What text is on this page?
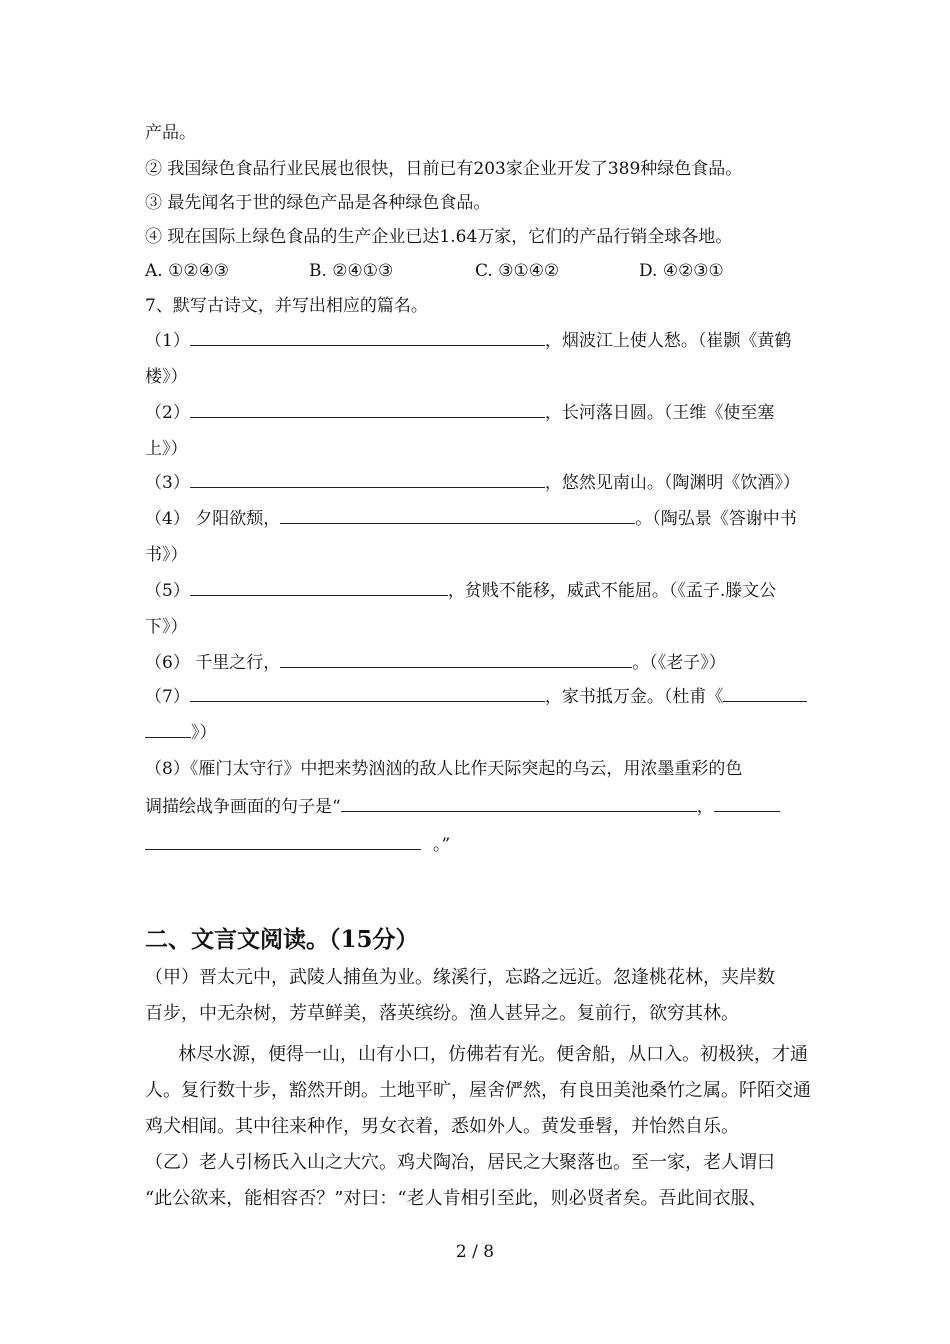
产品。
② 我国绿色食品行业民展也很快，日前已有203家企业开发了389种绿色食品。
③ 最先闻名于世的绿色产品是各种绿色食品。
④ 现在国际上绿色食品的生产企业已达1.64万家，它们的产品行销全球各地。
A. ①②④③	B. ②④①③	C. ③①④②	D. ④②③①
7、默写古诗文，并写出相应的篇名。
（1）	，烟波江上使人愁。（崔颢《黄鹤
楼》）
（2）	，长河落日圆。（王维《使至塞
上》）
（3）	，悠然见南山。（陶渊明《饮酒》）
（4） 夕阳欲颓，	。（陶弘景《答谢中书
书》）
（5）	，贫贱不能移，威武不能屈。（《孟子.滕文公
下》）
（6） 千里之行，	。（《老子》）
（7）	，家书抵万金。（杜甫《
》）
（8）《雁门太守行》中把来势汹汹的敌人比作天际突起的乌云，用浓墨重彩的色
调描绘战争画面的句子是“	，
。”
二、文言文阅读。（15分）
（甲）晋太元中，武陵人捕鱼为业。缘溪行，忘路之远近。忽逢桃花林，夹岸数
百步，中无杂树，芳草鲜美，落英缤纷。渔人甚异之。复前行，欲穷其林。
林尽水源，便得一山，山有小口，仿佛若有光。便舍船，从口入。初极狭，才通
人。复行数十步，豁然开朗。土地平旷，屋舍俨然，有良田美池桑竹之属。阡陌交通
鸡犬相闻。其中往来种作，男女衣着，悉如外人。黄发垂髫，并怡然自乐。
（乙）老人引杨氏入山之大穴。鸡犬陶冶，居民之大聚落也。至一家，老人谓曰
“此公欲来，能相容否？”对曰：“老人肯相引至此，则必贤者矣。吾此间衣服、
2 / 8
